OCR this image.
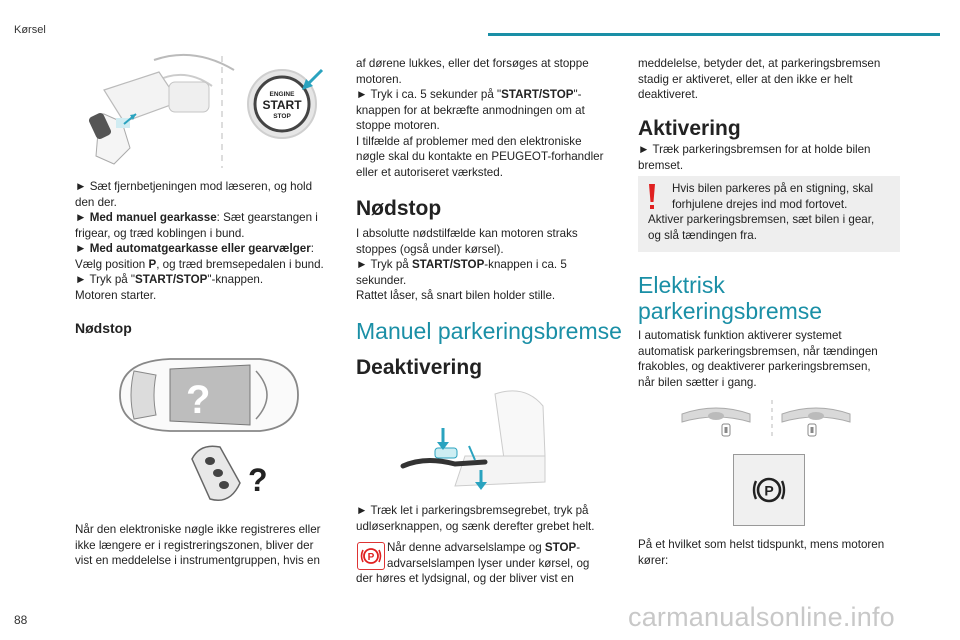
Kørsel
ENGINE
START
STOP
► Sæt fjernbetjeningen mod læseren, og hold
den der.
► Med manuel gearkasse: Sæt gearstangen i
frigear, og træd koblingen i bund.
► Med automatgearkasse eller gearvælger:
Vælg position P, og træd bremsepedalen i bund.
► Tryk på "START/STOP"-knappen.
Motoren starter.
Nødstop
?
?
Når den elektroniske nøgle ikke registreres eller
ikke længere er i registreringszonen, bliver der
vist en meddelelse i instrumentgruppen, hvis en
af dørene lukkes, eller det forsøges at stoppe
motoren.
► Tryk i ca. 5 sekunder på "START/STOP"-
knappen for at bekræfte anmodningen om at
stoppe motoren.
I tilfælde af problemer med den elektroniske
nøgle skal du kontakte en PEUGEOT-forhandler
eller et autoriseret værksted.
Nødstop
I absolutte nødstilfælde kan motoren straks
stoppes (også under kørsel).
► Tryk på START/STOP-knappen i ca. 5
sekunder.
Rattet låser, så snart bilen holder stille.
Manuel parkeringsbremse
Deaktivering
► Træk let i parkeringsbremsegrebet, tryk på
udløserknappen, og sænk derefter grebet helt.
P
Når denne advarselslampe og STOP-
advarselslampen lyser under kørsel, og
der høres et lydsignal, og der bliver vist en
meddelelse, betyder det, at parkeringsbremsen
stadig er aktiveret, eller at den ikke er helt
deaktiveret.
Aktivering
► Træk parkeringsbremsen for at holde bilen
bremset.
Hvis bilen parkeres på en stigning, skal
forhjulene drejes ind mod fortovet.
Aktiver parkeringsbremsen, sæt bilen i gear,
og slå tændingen fra.
Elektrisk
parkeringsbremse
I automatisk funktion aktiverer systemet
automatisk parkeringsbremsen, når tændingen
frakobles, og deaktiverer parkeringsbremsen,
når bilen sætter i gang.
P
På et hvilket som helst tidspunkt, mens motoren
kører:
88	carmanualsonline.info
